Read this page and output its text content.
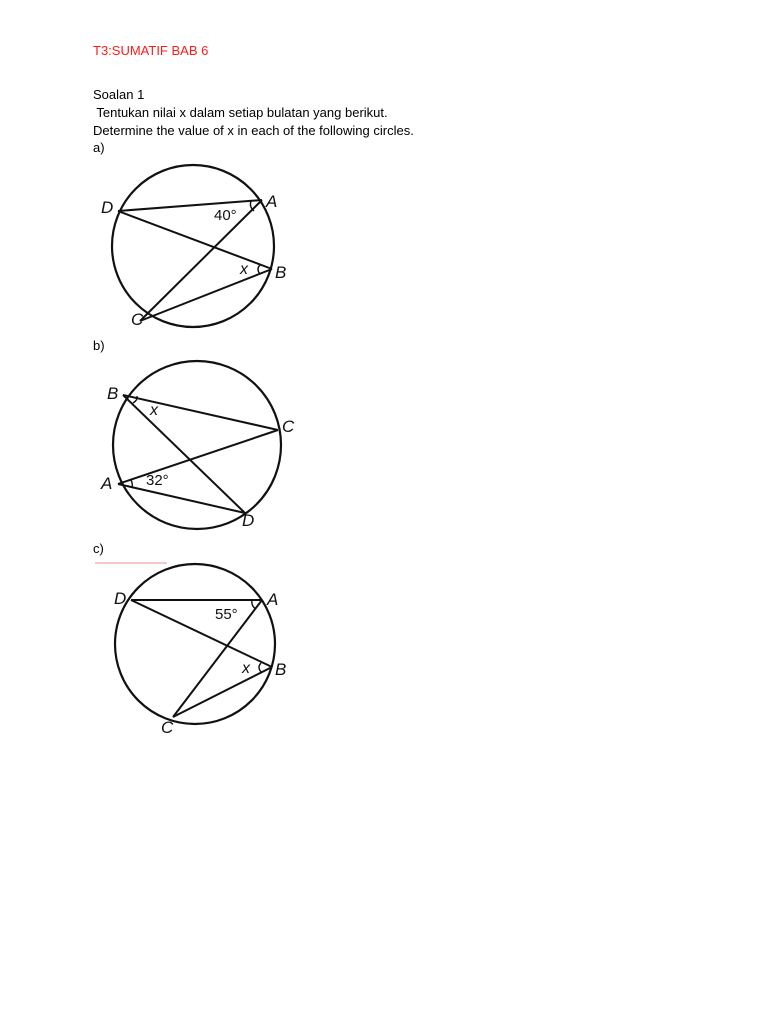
T3:SUMATIF BAB 6
Soalan 1
Tentukan nilai x dalam setiap bulatan yang berikut.
Determine the value of x in each of the following circles.
a)
D	A
B
C
40°
x
b)
B
C
A
D
x
32°
c)
D	A
B
C
55°
x
